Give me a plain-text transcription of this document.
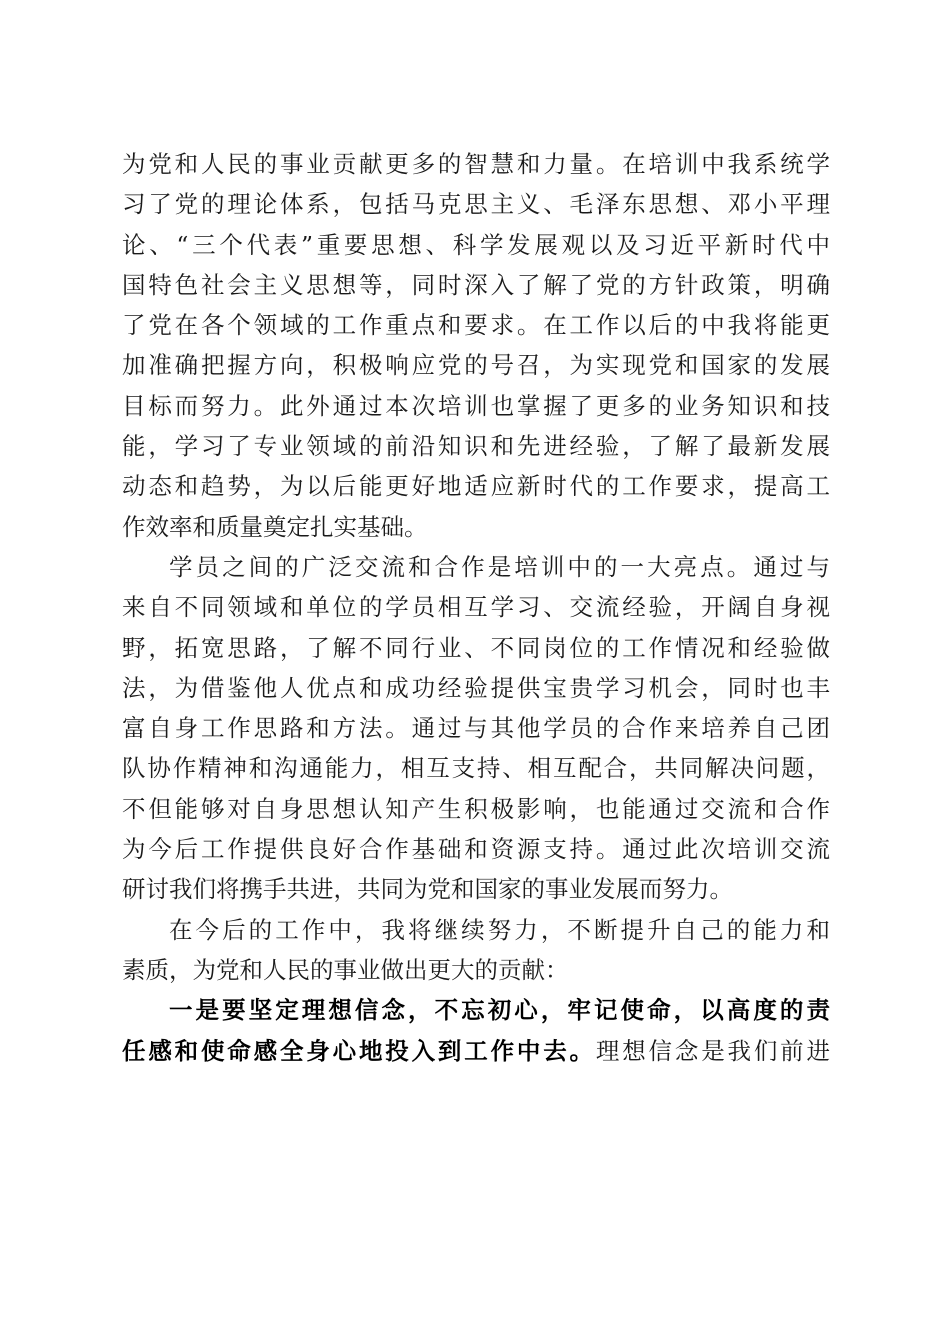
为党和人民的事业贡献更多的智慧和力量。在培训中我系统学
习了党的理论体系，包括马克思主义、毛泽东思想、邓小平理
论、“三个代表”重要思想、科学发展观以及习近平新时代中
国特色社会主义思想等，同时深入了解了党的方针政策，明确
了党在各个领域的工作重点和要求。在工作以后的中我将能更
加准确把握方向，积极响应党的号召，为实现党和国家的发展
目标而努力。此外通过本次培训也掌握了更多的业务知识和技
能，学习了专业领域的前沿知识和先进经验，了解了最新发展
动态和趋势，为以后能更好地适应新时代的工作要求，提高工
作效率和质量奠定扎实基础。
学员之间的广泛交流和合作是培训中的一大亮点。通过与
来自不同领域和单位的学员相互学习、交流经验，开阔自身视
野，拓宽思路，了解不同行业、不同岗位的工作情况和经验做
法，为借鉴他人优点和成功经验提供宝贵学习机会，同时也丰
富自身工作思路和方法。通过与其他学员的合作来培养自己团
队协作精神和沟通能力，相互支持、相互配合，共同解决问题，
不但能够对自身思想认知产生积极影响，也能通过交流和合作
为今后工作提供良好合作基础和资源支持。通过此次培训交流
研讨我们将携手共进，共同为党和国家的事业发展而努力。
在今后的工作中，我将继续努力，不断提升自己的能力和
素质，为党和人民的事业做出更大的贡献：
一是要坚定理想信念，不忘初心，牢记使命，以高度的责
任感和使命感全身心地投入到工作中去。理想信念是我们前进
